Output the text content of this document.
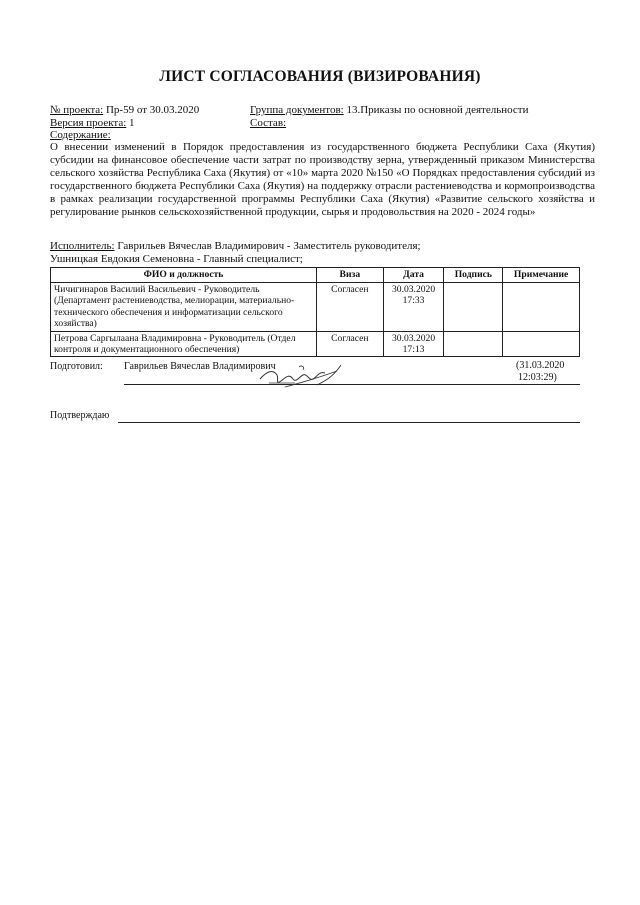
ЛИСТ СОГЛАСОВАНИЯ (ВИЗИРОВАНИЯ)
№ проекта: Пр-59 от 30.03.2020	Группа документов: 13.Приказы по основной деятельности
Версия проекта: 1	Состав:
Содержание:
О внесении изменений в Порядок предоставления из государственного бюджета Республики Саха (Якутия) субсидии на финансовое обеспечение части затрат по производству зерна, утвержденный приказом Министерства сельского хозяйства Республика Саха (Якутия) от «10» марта 2020 №150 «О Порядках предоставления субсидий из государственного бюджета Республики Саха (Якутия) на поддержку отрасли растениеводства и кормопроизводства в рамках реализации государственной программы Республики Саха (Якутия) «Развитие сельского хозяйства и регулирование рынков сельскохозяйственной продукции, сырья и продовольствия на 2020 - 2024 годы»
Исполнитель: Гаврильев Вячеслав Владимирович - Заместитель руководителя;
Ушницкая Евдокия Семеновна - Главный специалист;
ФИО и должность	Виза	Дата	Подпись	Примечание
Чичигинаров Василий Васильевич - Руководитель (Департамент растениеводства, мелиорации, материально-технического обеспечения и информатизации сельского хозяйства)	Согласен	30.03.2020
17:33		

Петрова Саргылаана Владимировна - Руководитель (Отдел контроля и документационного обеспечения)	Согласен	30.03.2020
17:13		

Подготовил: Гаврильев Вячеслав Владимирович	(31.03.2020
12:03:29)
Подтверждаю
